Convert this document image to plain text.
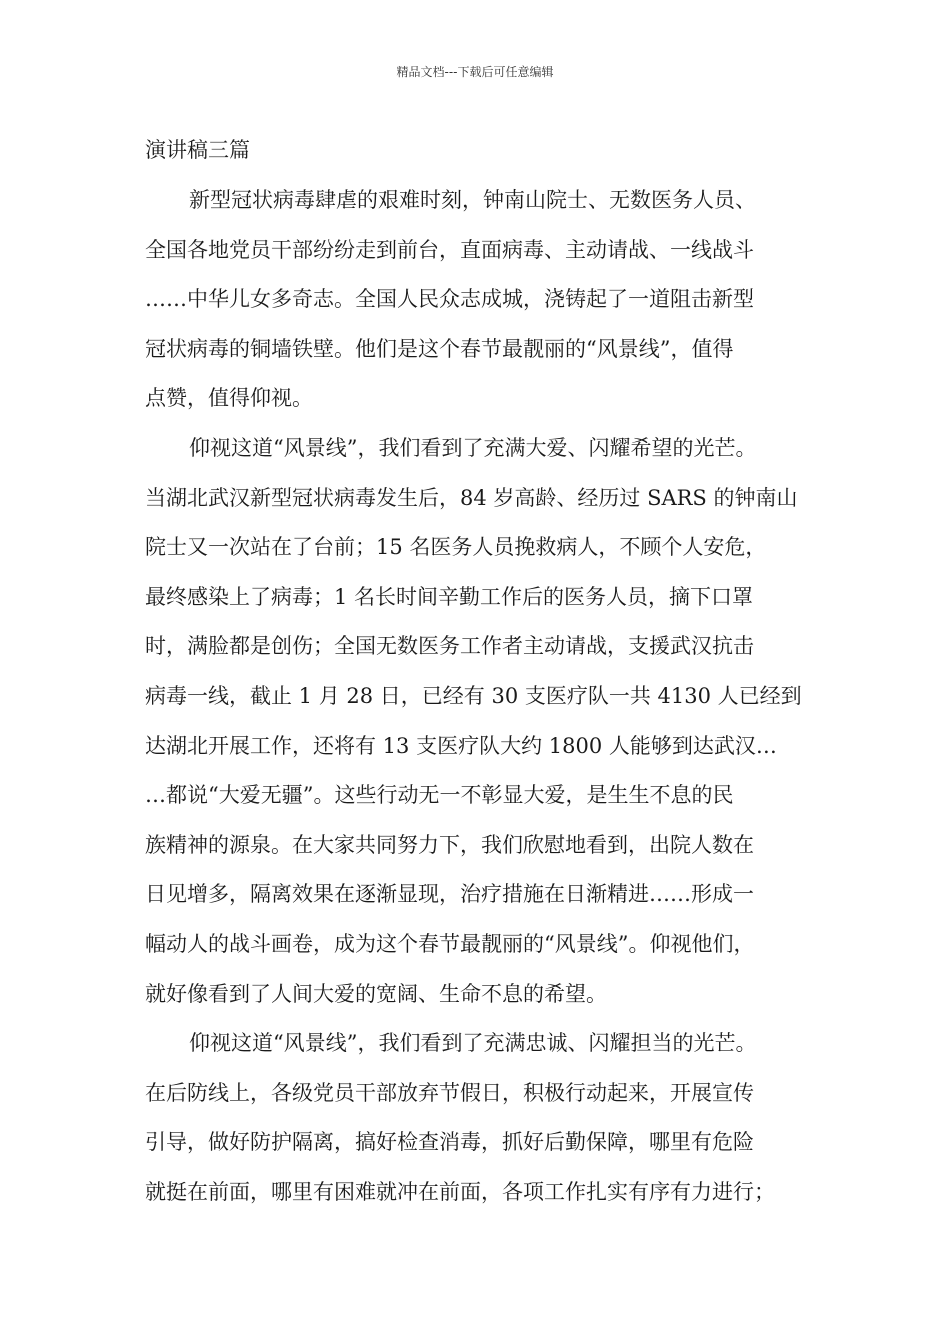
精品文档---下载后可任意编辑
演讲稿三篇
新型冠状病毒肆虐的艰难时刻，钟南山院士、无数医务人员、
全国各地党员干部纷纷走到前台，直面病毒、主动请战、一线战斗
……中华儿女多奇志。全国人民众志成城，浇铸起了一道阻击新型
冠状病毒的铜墙铁壁。他们是这个春节最靓丽的“风景线”，值得
点赞，值得仰视。
仰视这道“风景线”，我们看到了充满大爱、闪耀希望的光芒。
当湖北武汉新型冠状病毒发生后，84 岁高龄、经历过 SARS 的钟南山
院士又一次站在了台前；15 名医务人员挽救病人，不顾个人安危，
最终感染上了病毒；1 名长时间辛勤工作后的医务人员，摘下口罩
时，满脸都是创伤；全国无数医务工作者主动请战，支援武汉抗击
病毒一线，截止 1 月 28 日，已经有 30 支医疗队一共 4130 人已经到
达湖北开展工作，还将有 13 支医疗队大约 1800 人能够到达武汉…
…都说“大爱无疆”。这些行动无一不彰显大爱，是生生不息的民
族精神的源泉。在大家共同努力下，我们欣慰地看到，出院人数在
日见增多，隔离效果在逐渐显现，治疗措施在日渐精进……形成一
幅动人的战斗画卷，成为这个春节最靓丽的“风景线”。仰视他们，
就好像看到了人间大爱的宽阔、生命不息的希望。
仰视这道“风景线”，我们看到了充满忠诚、闪耀担当的光芒。
在后防线上，各级党员干部放弃节假日，积极行动起来，开展宣传
引导，做好防护隔离，搞好检查消毒，抓好后勤保障，哪里有危险
就挺在前面，哪里有困难就冲在前面，各项工作扎实有序有力进行；
